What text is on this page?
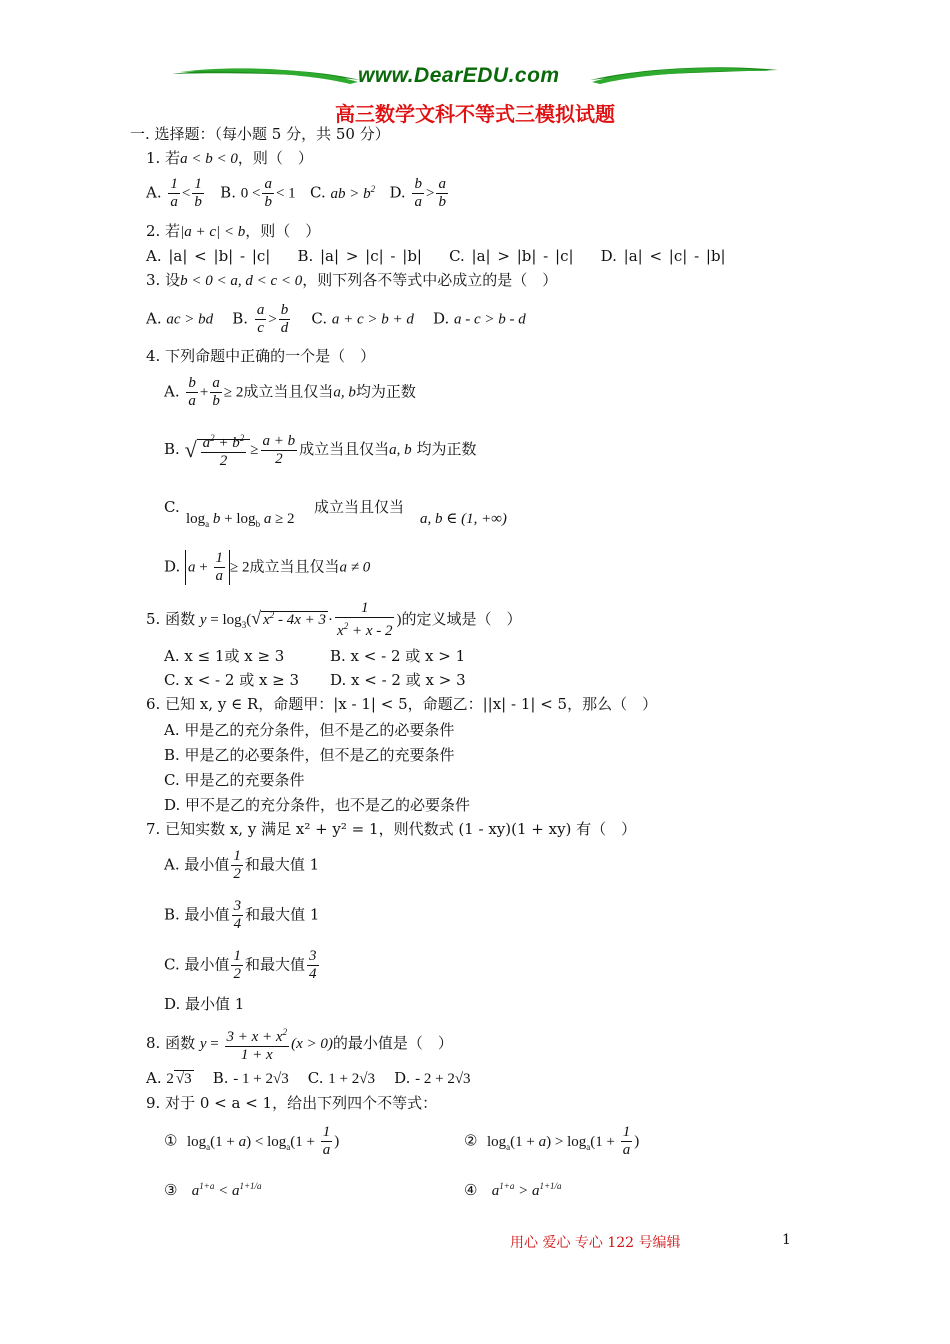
www.DearEDU.com
高三数学文科不等式三模拟试题
一. 选择题：（每小题 5 分，共 50 分）
1. 若a < b < 0，则（　）
A. $\frac{1}{a} < \frac{1}{b} B$. $0 < \frac{a}{b} < 1$ C. ab > $b^2$ D. $\frac{b}{a} > \frac{a}{b}$
2. 若|a + c| < b，则（　）
A. |a| < |b| - |c| B. |a| > |c| - |b| C. |a| > |b| - |c| D. |a| < |c| - |b|
3. 设b < 0 < a, d < c < 0，则下列各不等式中必成立的是（　）
A. ac > bd B. $\frac{a}{c} > \frac{b}{d} C$. a + c > b + d D. a - c > b - d
4. 下列命题中正确的一个是（　）
A. $\frac{b}{a} + \frac{a}{b} \ge 2$成立当且仅当a, b均为正数
B. √ $\frac{a^2 + b^2}{2} \ge \frac{a + b}{2}$ 成立当且仅当a, b 均为正数
C.
$\log_a b + \log_b a \ge 2$
成立当且仅当
a, b ∈ (1, +∞)
D. $a + \frac{1}{a} \ge 2$成立当且仅当a ≠ 0
5. 函数 $y = \log_3(√$ $x^2 - 4x + 3 \cdot \frac{1}{x^2 + x - 2}$ )的定义域是（　）
A. x ≤ 1或 x ≥ 3	B. x < - 2 或 x > 1
C. x < - 2 或 x ≥ 3 D. x < - 2 或 x > 3
6. 已知 x, y ∈ R，命题甲：|x - 1| < 5，命题乙：||x| - 1| < 5，那么（　）
A. 甲是乙的充分条件，但不是乙的必要条件
B. 甲是乙的必要条件，但不是乙的充要条件
C. 甲是乙的充要条件
D. 甲不是乙的充分条件，也不是乙的必要条件
7. 已知实数 x, y 满足 x² + y² = 1，则代数式 (1 - xy)(1 + xy) 有（　）
A. 最小值 $\frac{1}{2}$ 和最大值 1
B. 最小值 $\frac{3}{4}$ 和最大值 1
C. 最小值 $\frac{1}{2}$ 和最大值 $\frac{3}{4}$
D. 最小值 1
8. 函数 $y = \frac{3 + x + x^2}{1 + x} (x > 0)$的最小值是（　）
A. 2 √3 B. - 1 + 2√3 C. 1 + 2√3 D. - 2 + 2√3
9. 对于 0 < a < 1，给出下列四个不等式：
① $\log_a(1 + a) < \log_a(1 + \frac{1}{a}$ )	② $\log_a(1 + a) > \log_a(1 + \frac{1}{a}$ )
③ $a^{1+a} < a^{1+1/a}$	④ $a^{1+a} > a^{1+1/a}$
用心 爱心 专心 122 号编辑	1
